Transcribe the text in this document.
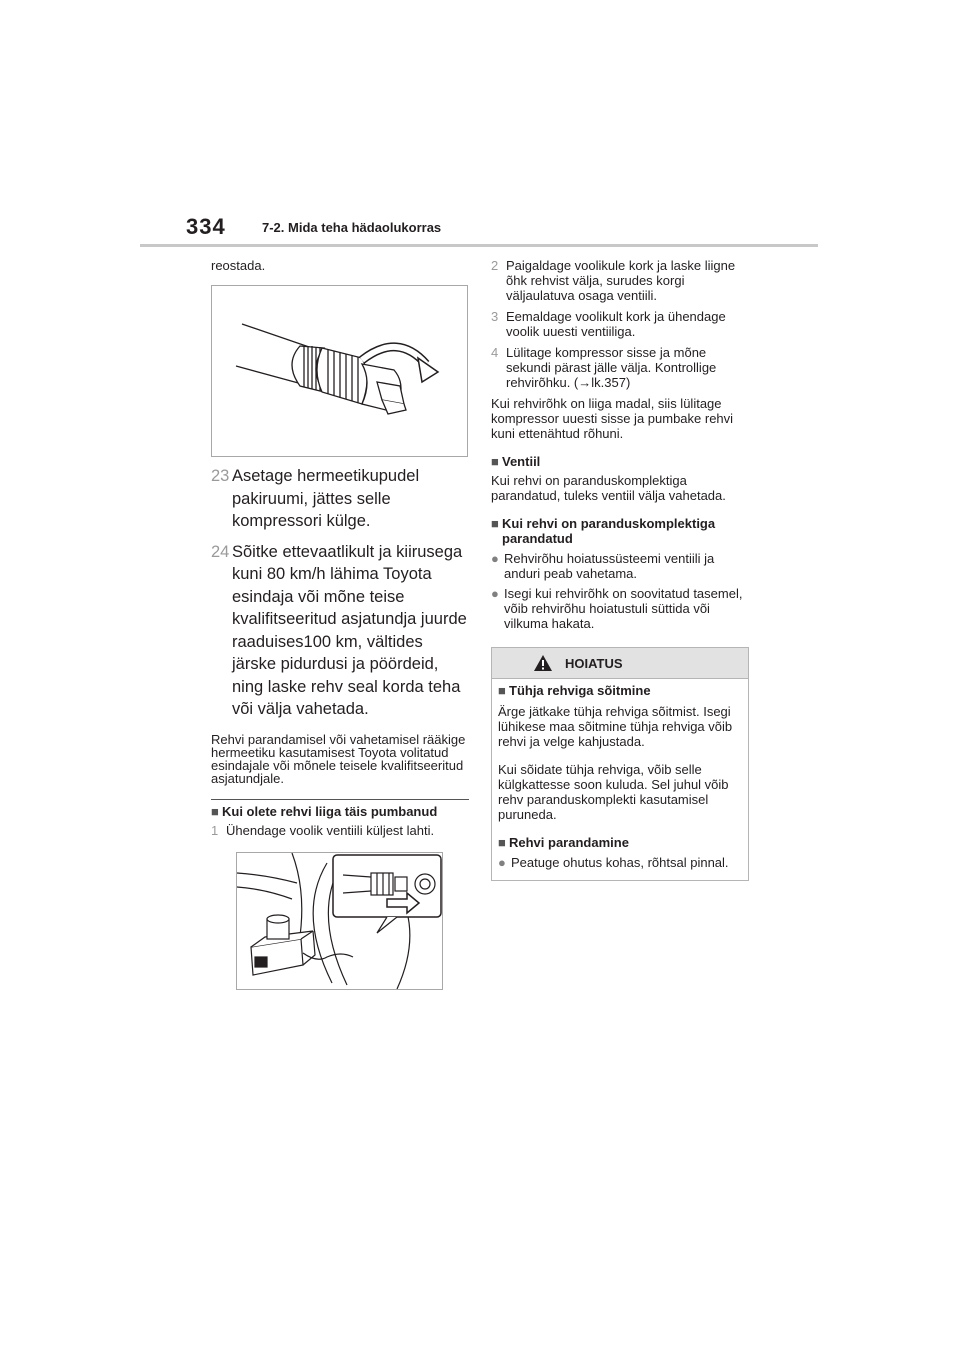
334	7-2. Mida teha hädaolukorras

reostada.

23 Asetage hermeetikupudel pakiruumi, jättes selle kompressori külge.
24 Sõitke ettevaatlikult ja kiirusega kuni 80 km/h lähima Toyota esindaja või mõne teise kvalifitseeritud asjatundja juurde raaduises100 km, vältides järske pidurdusi ja pöördeid, ning laske rehv seal korda teha või välja vahetada.

Rehvi parandamisel või vahetamisel rääkige hermeetiku kasutamisest Toyota volitatud esindajale või mõnele teisele kvalifitseeritud asjatundjale.

■ Kui olete rehvi liiga täis pumbanud
1 Ühendage voolik ventiili küljest lahti.
2 Paigaldage voolikule kork ja laske liigne õhk rehvist välja, surudes korgi väljaulatuva osaga ventiili.
3 Eemaldage voolikult kork ja ühendage voolik uuesti ventiiliga.
4 Lülitage kompressor sisse ja mõne sekundi pärast jälle välja. Kontrollige rehvirõhku. (→lk.357)

Kui rehvirõhk on liiga madal, siis lülitage kompressor uuesti sisse ja pumbake rehvi kuni ettenähtud rõhuni.

■ Ventiil

Kui rehvi on paranduskomplektiga parandatud, tuleks ventiil välja vahetada.

■ Kui rehvi on paranduskomplektiga parandatud
● Rehvirõhu hoiatussüsteemi ventiili ja anduri peab vahetama.
● Isegi kui rehvirõhk on soovitatud tasemel, võib rehvirõhu hoiatustuli süttida või vilkuma hakata.
HOIATUS
■ Tühja rehviga sõitmine

Ärge jätkake tühja rehviga sõitmist. Isegi lühikese maa sõitmine tühja rehviga võib rehvi ja velge kahjustada.

Kui sõidate tühja rehviga, võib selle külgkattesse soon kuluda. Sel juhul võib rehv paranduskomplekti kasutamisel puruneda.

■ Rehvi parandamine
● Peatuge ohutus kohas, rõhtsal pinnal.
